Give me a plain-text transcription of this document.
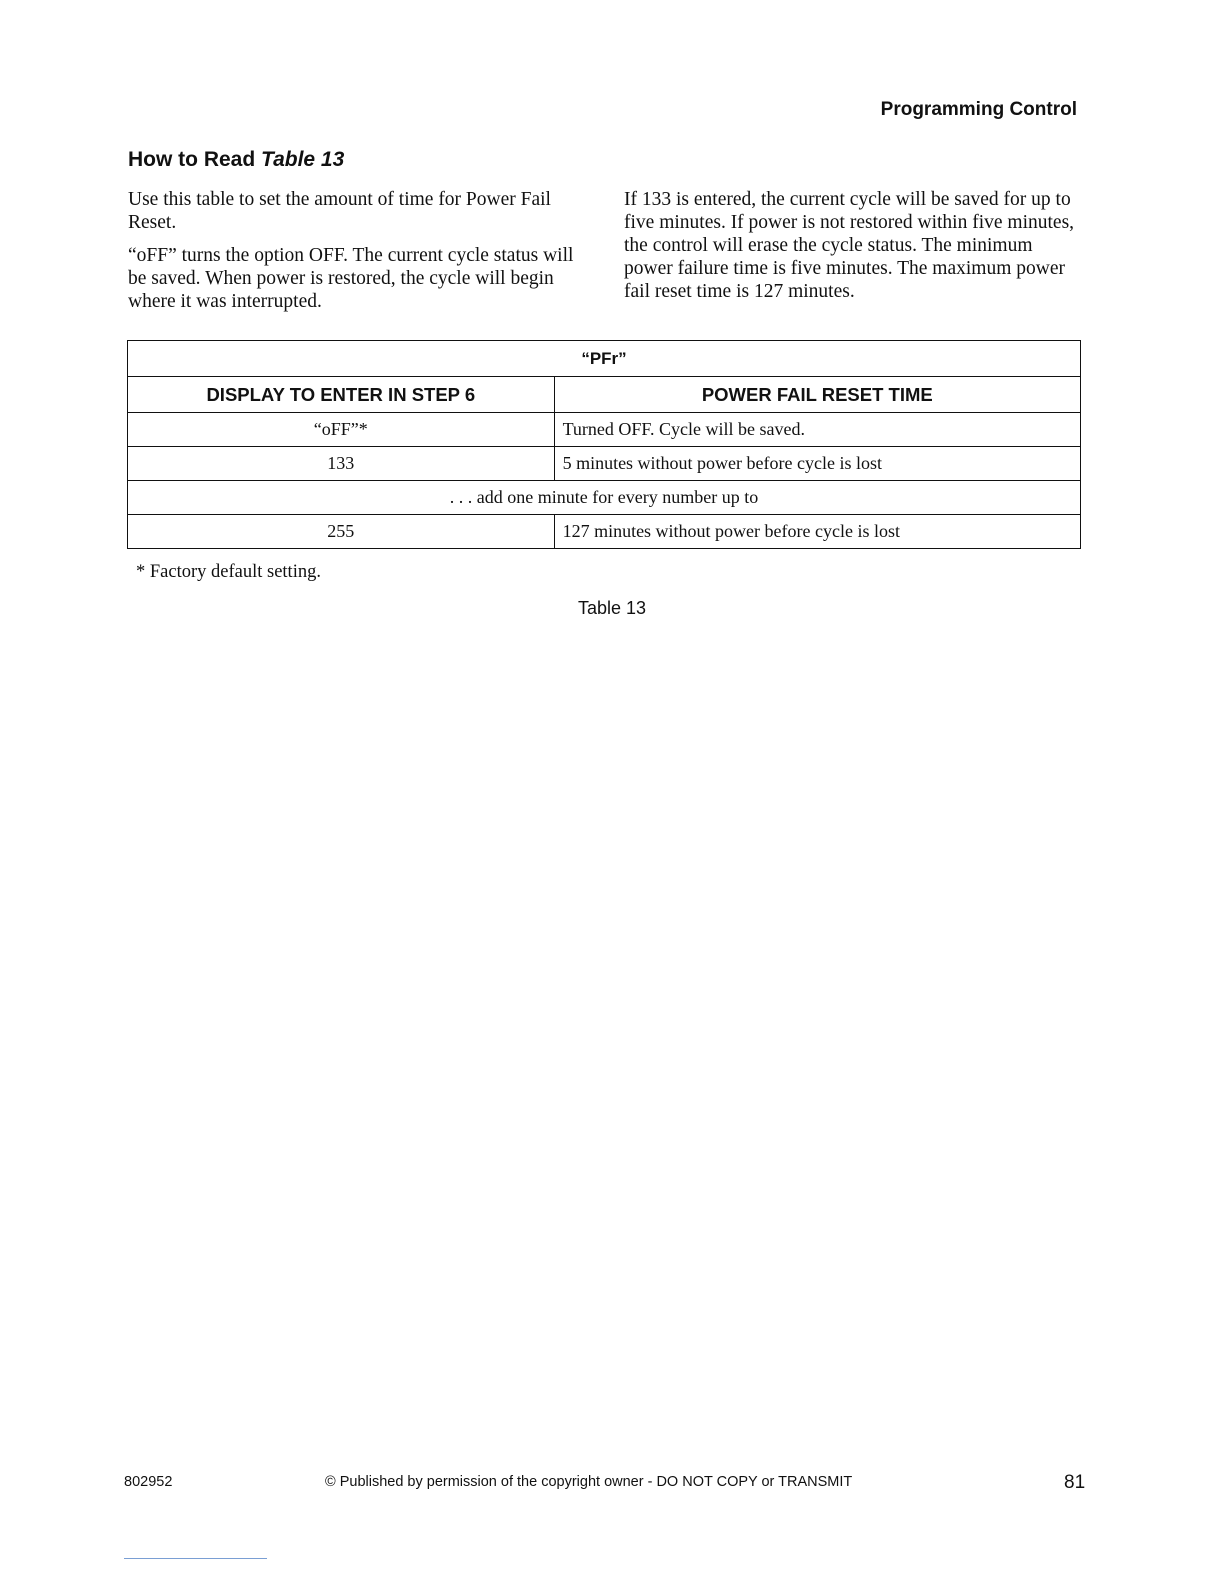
Programming Control
How to Read Table 13

Use this table to set the amount of time for Power Fail Reset.

“oFF” turns the option OFF. The current cycle status will be saved. When power is restored, the cycle will begin where it was interrupted.

If 133 is entered, the current cycle will be saved for up to five minutes. If power is not restored within five minutes, the control will erase the cycle status. The minimum power failure time is five minutes. The maximum power fail reset time is 127 minutes.

“PFr”	
DISPLAY TO ENTER IN STEP 6	POWER FAIL RESET TIME
“oFF”*	Turned OFF. Cycle will be saved.
133	5 minutes without power before cycle is lost
. . . add one minute for every number up to	
255	127 minutes without power before cycle is lost
* Factory default setting.
Table 13
802952	© Published by permission of the copyright owner - DO NOT COPY or TRANSMIT	81
